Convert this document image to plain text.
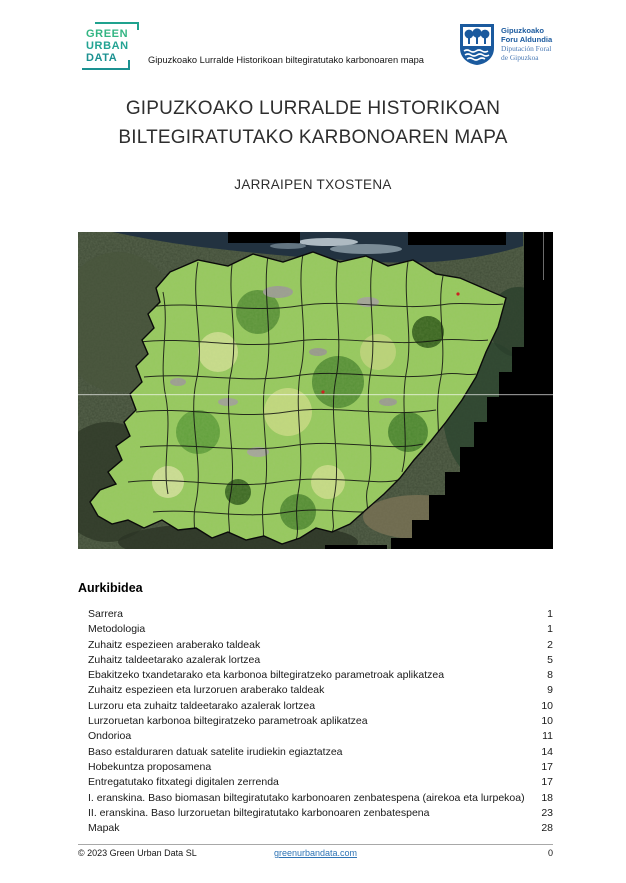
GREEN
URBAN
DATA	Gipuzkoako Lurralde Historikoan biltegiratutako karbonoaren mapa
Gipuzkoako
Foru Aldundia
Diputación Foral
de Gipuzkoa
GIPUZKOAKO LURRALDE HISTORIKOAN
BILTEGIRATUTAKO KARBONOAREN MAPA
JARRAIPEN TXOSTENA
Aurkibidea
Sarrera	1
Metodologia	1
Zuhaitz espezieen araberako taldeak	2
Zuhaitz taldeetarako azalerak lortzea	5
Ebakitzeko txandetarako eta karbonoa biltegiratzeko parametroak aplikatzea	8
Zuhaitz espezieen eta lurzoruen araberako taldeak	9
Lurzoru eta zuhaitz taldeetarako azalerak lortzea	10
Lurzoruetan karbonoa biltegiratzeko parametroak aplikatzea	10
Ondorioa	11
Baso estalduraren datuak satelite irudiekin egiaztatzea	14
Hobekuntza proposamena	17
Entregatutako fitxategi digitalen zerrenda	17
I. eranskina. Baso biomasan biltegiratutako karbonoaren zenbatespena (airekoa eta lurpekoa)	18
II. eranskina. Baso lurzoruetan biltegiratutako karbonoaren zenbatespena	23
Mapak	28
© 2023 Green Urban Data SL	greenurbandata.com	0
